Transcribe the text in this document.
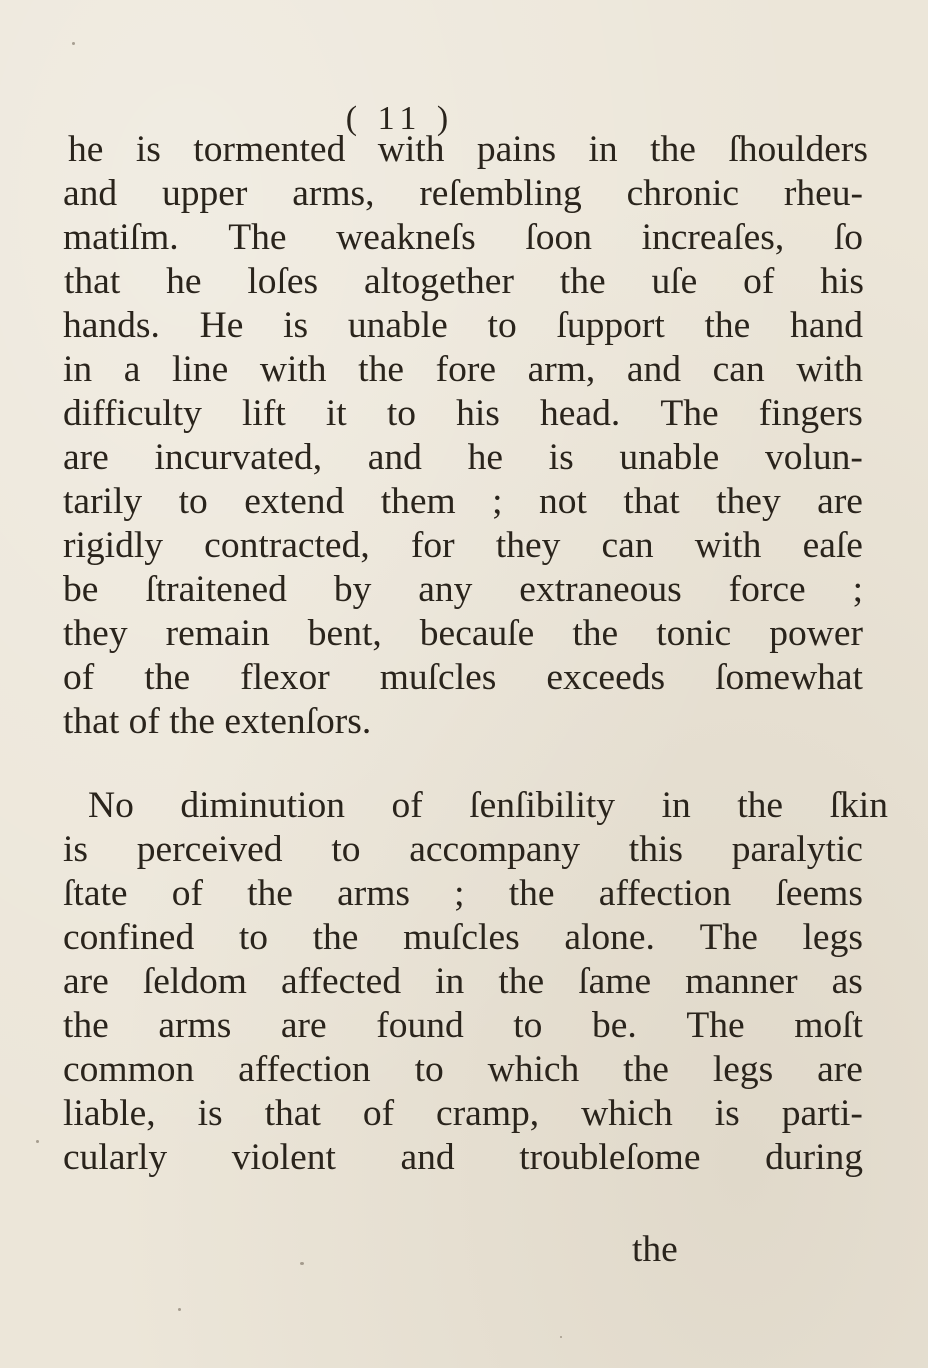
( 11 )
he is tormented with pains in the ſhoulders
and upper arms, reſembling chronic rheu-
matiſm. The weakneſs ſoon increaſes, ſo
that he loſes altogether the uſe of his
hands. He is unable to ſupport the hand
in a line with the fore arm, and can with
difficulty lift it to his head. The fingers
are incurvated, and he is unable volun-
tarily to extend them ; not that they are
rigidly contracted, for they can with eaſe
be ſtraitened by any extraneous force ;
they remain bent, becauſe the tonic power
of the flexor muſcles exceeds ſomewhat
that of the extenſors.
No diminution of ſenſibility in the ſkin
is perceived to accompany this paralytic
ſtate of the arms ; the affection ſeems
confined to the muſcles alone. The legs
are ſeldom affected in the ſame manner as
the arms are found to be. The moſt
common affection to which the legs are
liable, is that of cramp, which is parti-
cularly violent and troubleſome during
the
